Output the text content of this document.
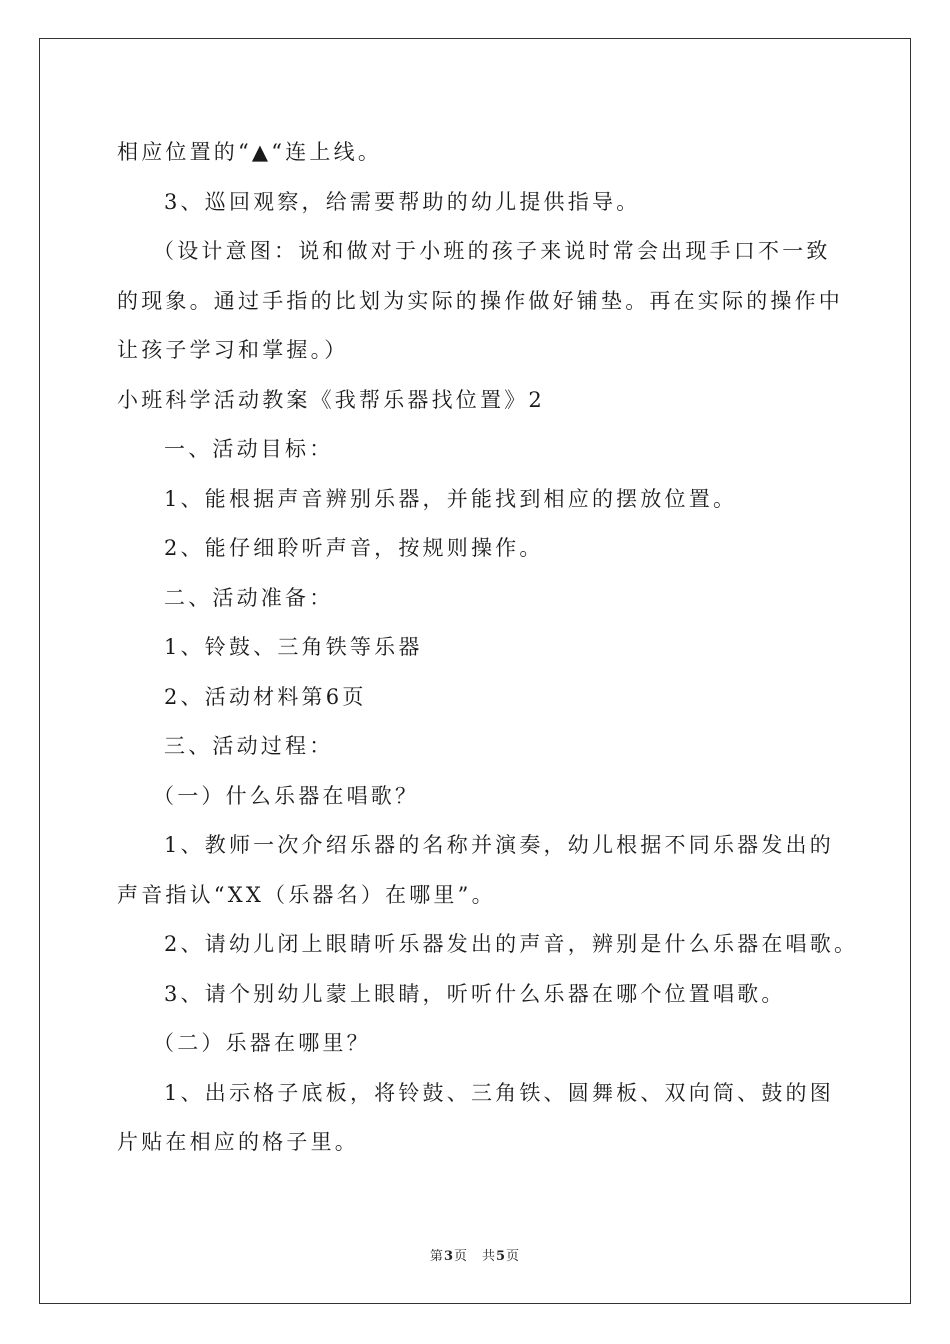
相应位置的“▲“连上线。
3、巡回观察，给需要帮助的幼儿提供指导。
（设计意图：说和做对于小班的孩子来说时常会出现手口不一致
的现象。通过手指的比划为实际的操作做好铺垫。再在实际的操作中
让孩子学习和掌握。）
小班科学活动教案《我帮乐器找位置》2
一、活动目标：
1、能根据声音辨别乐器，并能找到相应的摆放位置。
2、能仔细聆听声音，按规则操作。
二、活动准备：
1、铃鼓、三角铁等乐器
2、活动材料第6页
三、活动过程：
（一）什么乐器在唱歌？
1、教师一次介绍乐器的名称并演奏，幼儿根据不同乐器发出的
声音指认“XX（乐器名）在哪里”。
2、请幼儿闭上眼睛听乐器发出的声音，辨别是什么乐器在唱歌。
3、请个别幼儿蒙上眼睛，听听什么乐器在哪个位置唱歌。
（二）乐器在哪里？
1、出示格子底板，将铃鼓、三角铁、圆舞板、双向筒、鼓的图
片贴在相应的格子里。
第3页　共5页
